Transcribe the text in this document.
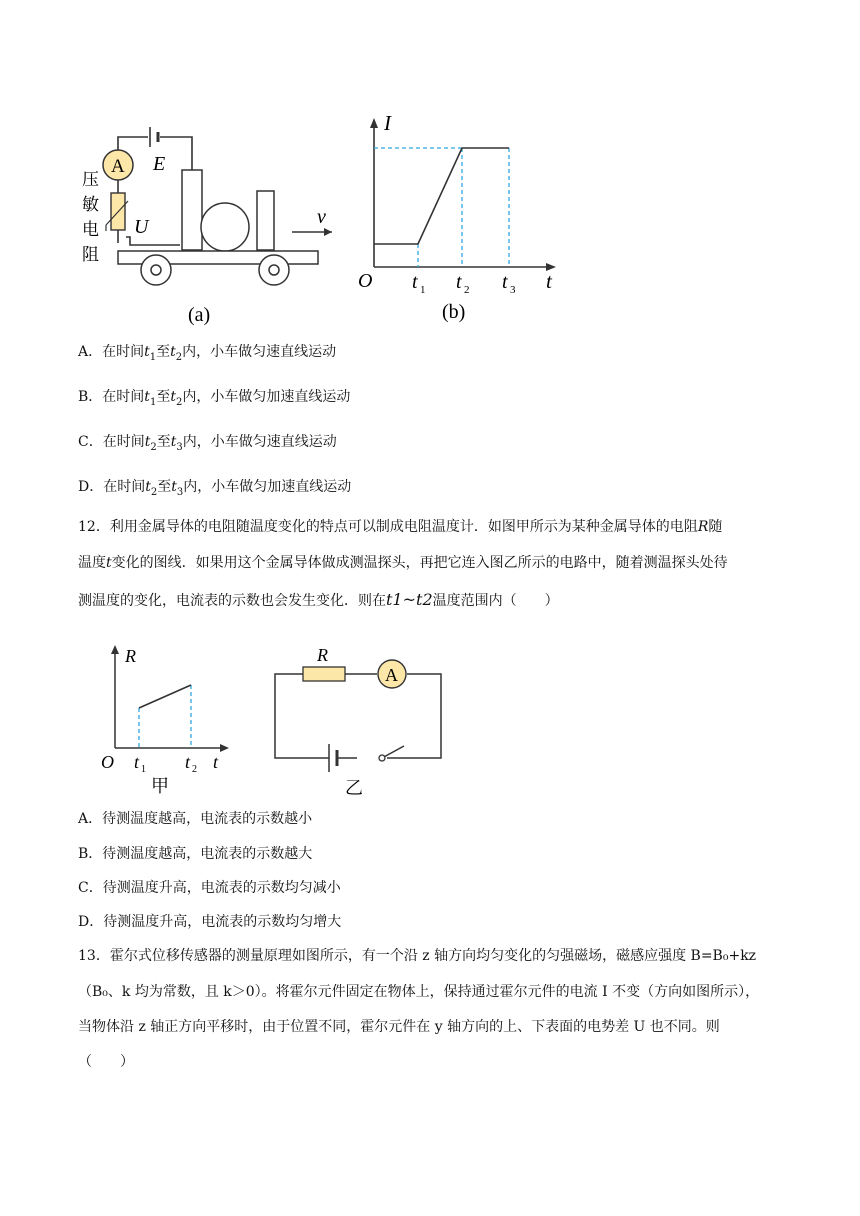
A E
U
压
敏
电
阻
v
(a)
I
t
O t 1 t 2 t 3
(b)
A．在时间$t_1$至$t_2$内，小车做匀速直线运动
B．在时间$t_1$至$t_2$内，小车做匀加速直线运动
C．在时间$t_2$至$t_3$内，小车做匀速直线运动
D．在时间$t_2$至$t_3$内，小车做匀加速直线运动
12．利用金属导体的电阻随温度变化的特点可以制成电阻温度计．如图甲所示为某种金属导体的电阻R随
温度t变化的图线．如果用这个金属导体做成测温探头，再把它连入图乙所示的电路中，随着测温探头处待
测温度的变化，电流表的示数也会发生变化．则在t1~t2温度范围内（　　）
R
t
O t 1 t 2
甲
R
A
乙
A．待测温度越高，电流表的示数越小
B．待测温度越高，电流表的示数越大
C．待测温度升高，电流表的示数均匀减小
D．待测温度升高，电流表的示数均匀增大
13．霍尔式位移传感器的测量原理如图所示，有一个沿 z 轴方向均匀变化的匀强磁场，磁感应强度 B=B₀+kz
（B₀、k 均为常数，且 k＞0）。将霍尔元件固定在物体上，保持通过霍尔元件的电流 I 不变（方向如图所示），
当物体沿 z 轴正方向平移时，由于位置不同，霍尔元件在 y 轴方向的上、下表面的电势差 U 也不同。则
（　　）
